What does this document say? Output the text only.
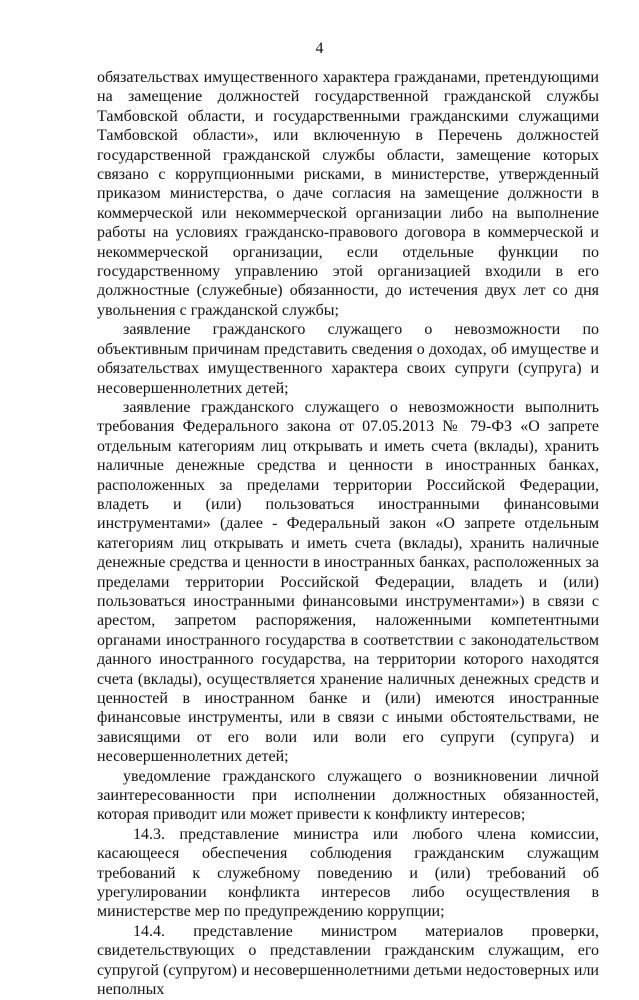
4

обязательствах имущественного характера гражданами, претендующими на замещение должностей государственной гражданской службы Тамбовской области, и государственными гражданскими служащими Тамбовской области», или включенную в Перечень должностей государственной гражданской службы области, замещение которых связано с коррупционными рисками, в министерстве, утвержденный приказом министерства, о даче согласия на замещение должности в коммерческой или некоммерческой организации либо на выполнение работы на условиях гражданско-правового договора в коммерческой и некоммерческой организации, если отдельные функции по государственному управлению этой организацией входили в его должностные (служебные) обязанности, до истечения двух лет со дня увольнения с гражданской службы;

заявление гражданского служащего о невозможности по объективным причинам представить сведения о доходах, об имуществе и обязательствах имущественного характера своих супруги (супруга) и несовершеннолетних детей;

заявление гражданского служащего о невозможности выполнить требования Федерального закона от 07.05.2013 № 79-ФЗ «О запрете отдельным категориям лиц открывать и иметь счета (вклады), хранить наличные денежные средства и ценности в иностранных банках, расположенных за пределами территории Российской Федерации, владеть и (или) пользоваться иностранными финансовыми инструментами» (далее - Федеральный закон «О запрете отдельным категориям лиц открывать и иметь счета (вклады), хранить наличные денежные средства и ценности в иностранных банках, расположенных за пределами территории Российской Федерации, владеть и (или) пользоваться иностранными финансовыми инструментами») в связи с арестом, запретом распоряжения, наложенными компетентными органами иностранного государства в соответствии с законодательством данного иностранного государства, на территории которого находятся счета (вклады), осуществляется хранение наличных денежных средств и ценностей в иностранном банке и (или) имеются иностранные финансовые инструменты, или в связи с иными обстоятельствами, не зависящими от его воли или воли его супруги (супруга) и несовершеннолетних детей;

уведомление гражданского служащего о возникновении личной заинтересованности при исполнении должностных обязанностей, которая приводит или может привести к конфликту интересов;

14.3. представление министра или любого члена комиссии, касающееся обеспечения соблюдения гражданским служащим требований к служебному поведению и (или) требований об урегулировании конфликта интересов либо осуществления в министерстве мер по предупреждению коррупции;

14.4. представление министром материалов проверки, свидетельствующих о представлении гражданским служащим, его супругой (супругом) и несовершеннолетними детьми недостоверных или неполных
